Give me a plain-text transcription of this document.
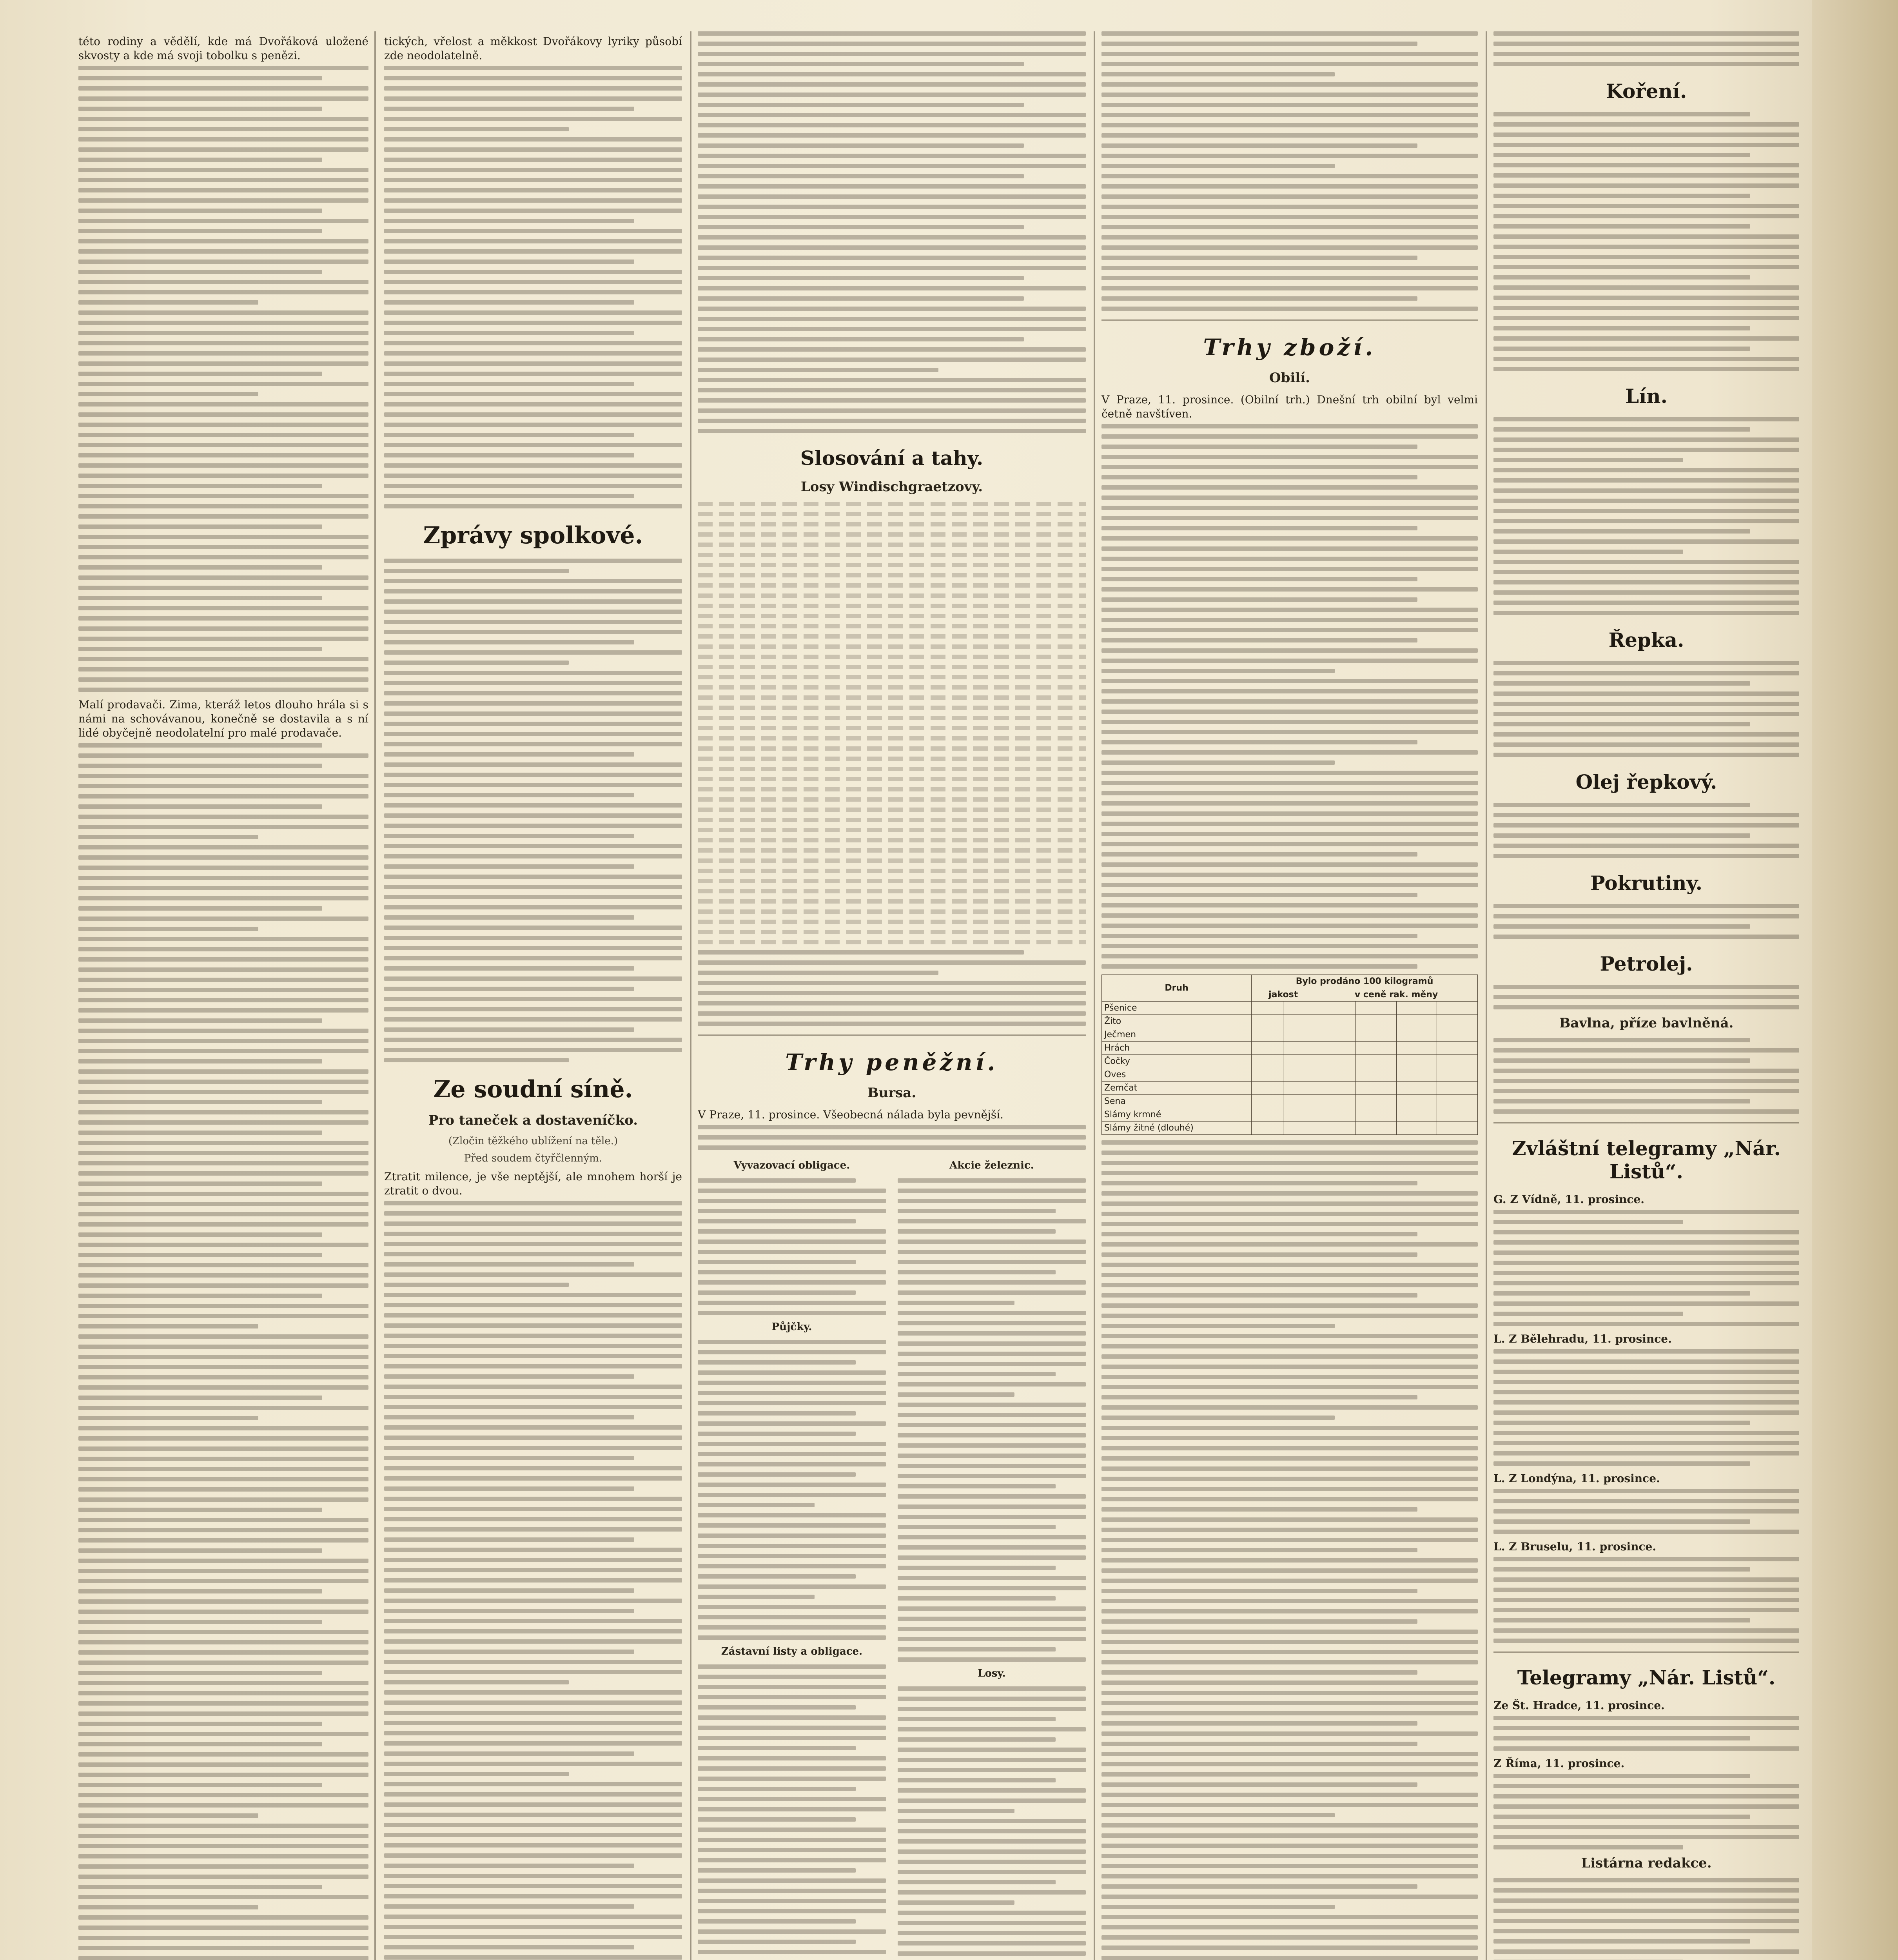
této rodiny a vědělí, kde má Dvořáková uložené skvosty a kde má svoji tobolku s penězi.

Malí prodavači. Zima, kteráž letos dlouho hrála si s námi na schovávanou, konečně se dostavila a s ní lidé obyčejně neodolatelní pro malé prodavače.

tických, vřelost a měkkost Dvořákovy lyriky působí zde neodolatelně.

Zprávy spolkové.
Ze soudní síně.
Pro taneček a dostaveníčko.
(Zločin těžkého ublížení na těle.)
Před soudem čtyřčlenným.

Ztratit milence, je vše neptější, ale mnohem horší je ztratit o dvou.

Slosování a tahy.
Losy Windischgraetzovy.
Trhy peněžní.
Bursa.

V Praze, 11. prosince. Všeobecná nálada byla pevnější.

Vyvazovací obligace.
Půjčky.
Zástavní listy a obligace.
Akcie železnic.
Losy.
Trhy zboží.
Obilí.

V Praze, 11. prosince. (Obilní trh.) Dnešní trh obilní byl velmi četně navštíven.

Druh	Bylo prodáno 100 kilogramů					
	jakost		v ceně rak. měny			
Pšenice						
Žito						
Ječmen						
Hrách						
Čočky						
Oves						
Zemčat						
Sena						
Slámy krmné						
Slámy žitné (dlouhé)						
Koření.
Lín.
Řepka.
Olej řepkový.
Pokrutiny.
Petrolej.
Bavlna, příze bavlněná.
Zvláštní telegramy „Nár. Listů“.

G. Z Vídně, 11. prosince.

L. Z Bělehradu, 11. prosince.

L. Z Londýna, 11. prosince.

L. Z Bruselu, 11. prosince.

Telegramy „Nár. Listů“.

Ze Št. Hradce, 11. prosince.

Z Říma, 11. prosince.

Listárna redakce.
